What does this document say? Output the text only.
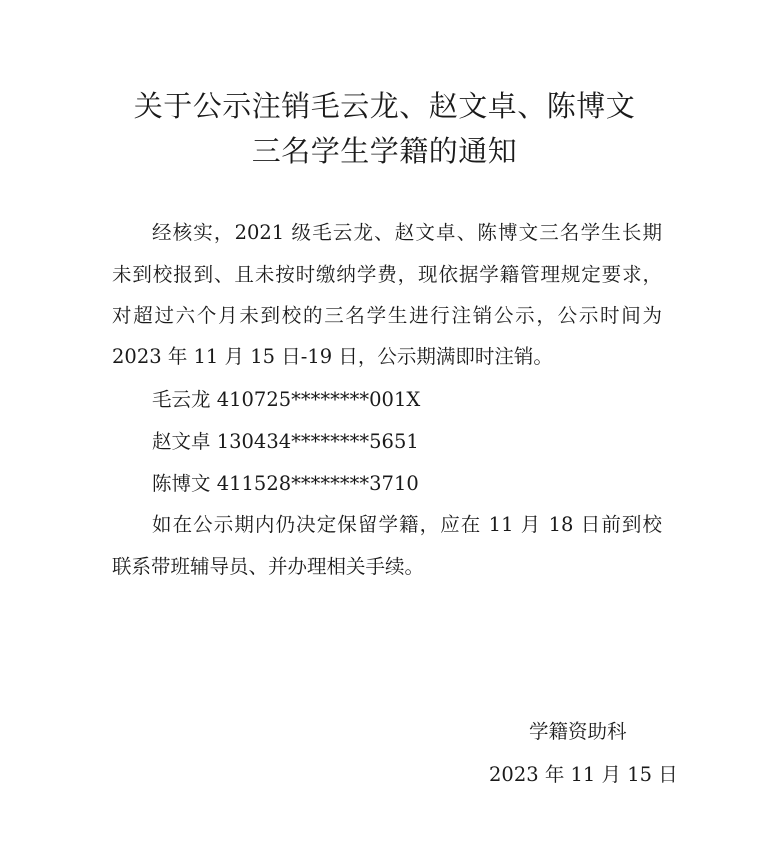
关于公示注销毛云龙、赵文卓、陈博文
三名学生学籍的通知
经核实，2021 级毛云龙、赵文卓、陈博文三名学生长期
未到校报到、且未按时缴纳学费，现依据学籍管理规定要求，
对超过六个月未到校的三名学生进行注销公示，公示时间为
2023 年 11 月 15 日-19 日，公示期满即时注销。
毛云龙 410725********001X
赵文卓 130434********5651
陈博文 411528********3710
如在公示期内仍决定保留学籍，应在 11 月 18 日前到校
联系带班辅导员、并办理相关手续。
学籍资助科
2023 年 11 月 15 日
